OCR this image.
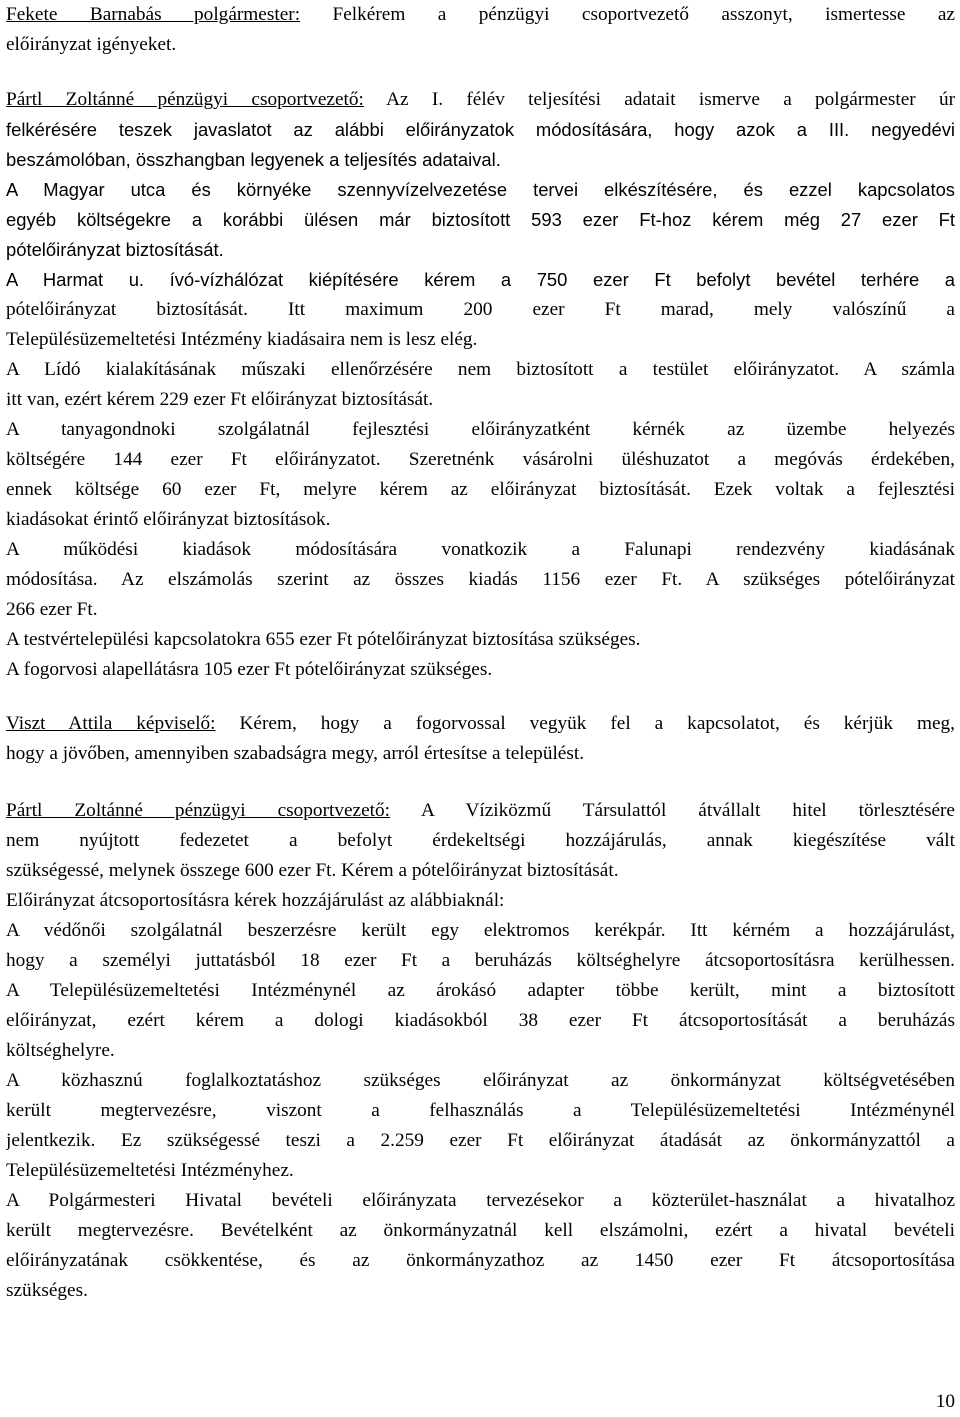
Fekete Barnabás polgármester: Felkérem a pénzügyi csoportvezető asszonyt, ismertesse az
előirányzat igényeket.
Pártl Zoltánné pénzügyi csoportvezető: Az I. félév teljesítési adatait ismerve a polgármester úr
felkérésére teszek javaslatot az alábbi előirányzatok módosítására, hogy azok a III. negyedévi
beszámolóban, összhangban legyenek a teljesítés adataival.
A Magyar utca és környéke szennyvízelvezetése tervei elkészítésére, és ezzel kapcsolatos
egyéb költségekre a korábbi ülésen már biztosított 593 ezer Ft-hoz kérem még 27 ezer Ft
pótelőirányzat biztosítását.
A Harmat u. ívó-vízhálózat kiépítésére kérem a 750 ezer Ft befolyt bevétel terhére a
pótelőirányzat biztosítását. Itt maximum 200 ezer Ft marad, mely valószínű a
Településüzemeltetési Intézmény kiadásaira nem is lesz elég.
A Lídó kialakításának műszaki ellenőrzésére nem biztosított a testület előirányzatot. A számla
itt van, ezért kérem 229 ezer Ft előirányzat biztosítását.
A tanyagondnoki szolgálatnál fejlesztési előirányzatként kérnék az üzembe helyezés
költségére 144 ezer Ft előirányzatot. Szeretnénk vásárolni üléshuzatot a megóvás érdekében,
ennek költsége 60 ezer Ft, melyre kérem az előirányzat biztosítását. Ezek voltak a fejlesztési
kiadásokat érintő előirányzat biztosítások.
A működési kiadások módosítására vonatkozik a Falunapi rendezvény kiadásának
módosítása. Az elszámolás szerint az összes kiadás 1156 ezer Ft. A szükséges pótelőirányzat
266 ezer Ft.
A testvértelepülési kapcsolatokra 655 ezer Ft pótelőirányzat biztosítása szükséges.
A fogorvosi alapellátásra 105 ezer Ft pótelőirányzat szükséges.
Viszt Attila képviselő: Kérem, hogy a fogorvossal vegyük fel a kapcsolatot, és kérjük meg,
hogy a jövőben, amennyiben szabadságra megy, arról értesítse a települést.
Pártl Zoltánné pénzügyi csoportvezető: A Víziközmű Társulattól átvállalt hitel törlesztésére
nem nyújtott fedezetet a befolyt érdekeltségi hozzájárulás, annak kiegészítése vált
szükségessé, melynek összege 600 ezer Ft. Kérem a pótelőirányzat biztosítását.
Előirányzat átcsoportosításra kérek hozzájárulást az alábbiaknál:
A védőnői szolgálatnál beszerzésre került egy elektromos kerékpár. Itt kérném a hozzájárulást,
hogy a személyi juttatásból 18 ezer Ft a beruházás költséghelyre átcsoportosításra kerülhessen.
A Településüzemeltetési Intézménynél az árokásó adapter többe került, mint a biztosított
előirányzat, ezért kérem a dologi kiadásokból 38 ezer Ft átcsoportosítását a beruházás
költséghelyre.
A közhasznú foglalkoztatáshoz szükséges előirányzat az önkormányzat költségvetésében
került megtervezésre, viszont a felhasználás a Településüzemeltetési Intézménynél
jelentkezik. Ez szükségessé teszi a 2.259 ezer Ft előirányzat átadását az önkormányzattól a
Településüzemeltetési Intézményhez.
A Polgármesteri Hivatal bevételi előirányzata tervezésekor a közterület-használat a hivatalhoz
került megtervezésre. Bevételként az önkormányzatnál kell elszámolni, ezért a hivatal bevételi
előirányzatának csökkentése, és az önkormányzathoz az 1450 ezer Ft átcsoportosítása
szükséges.
10
